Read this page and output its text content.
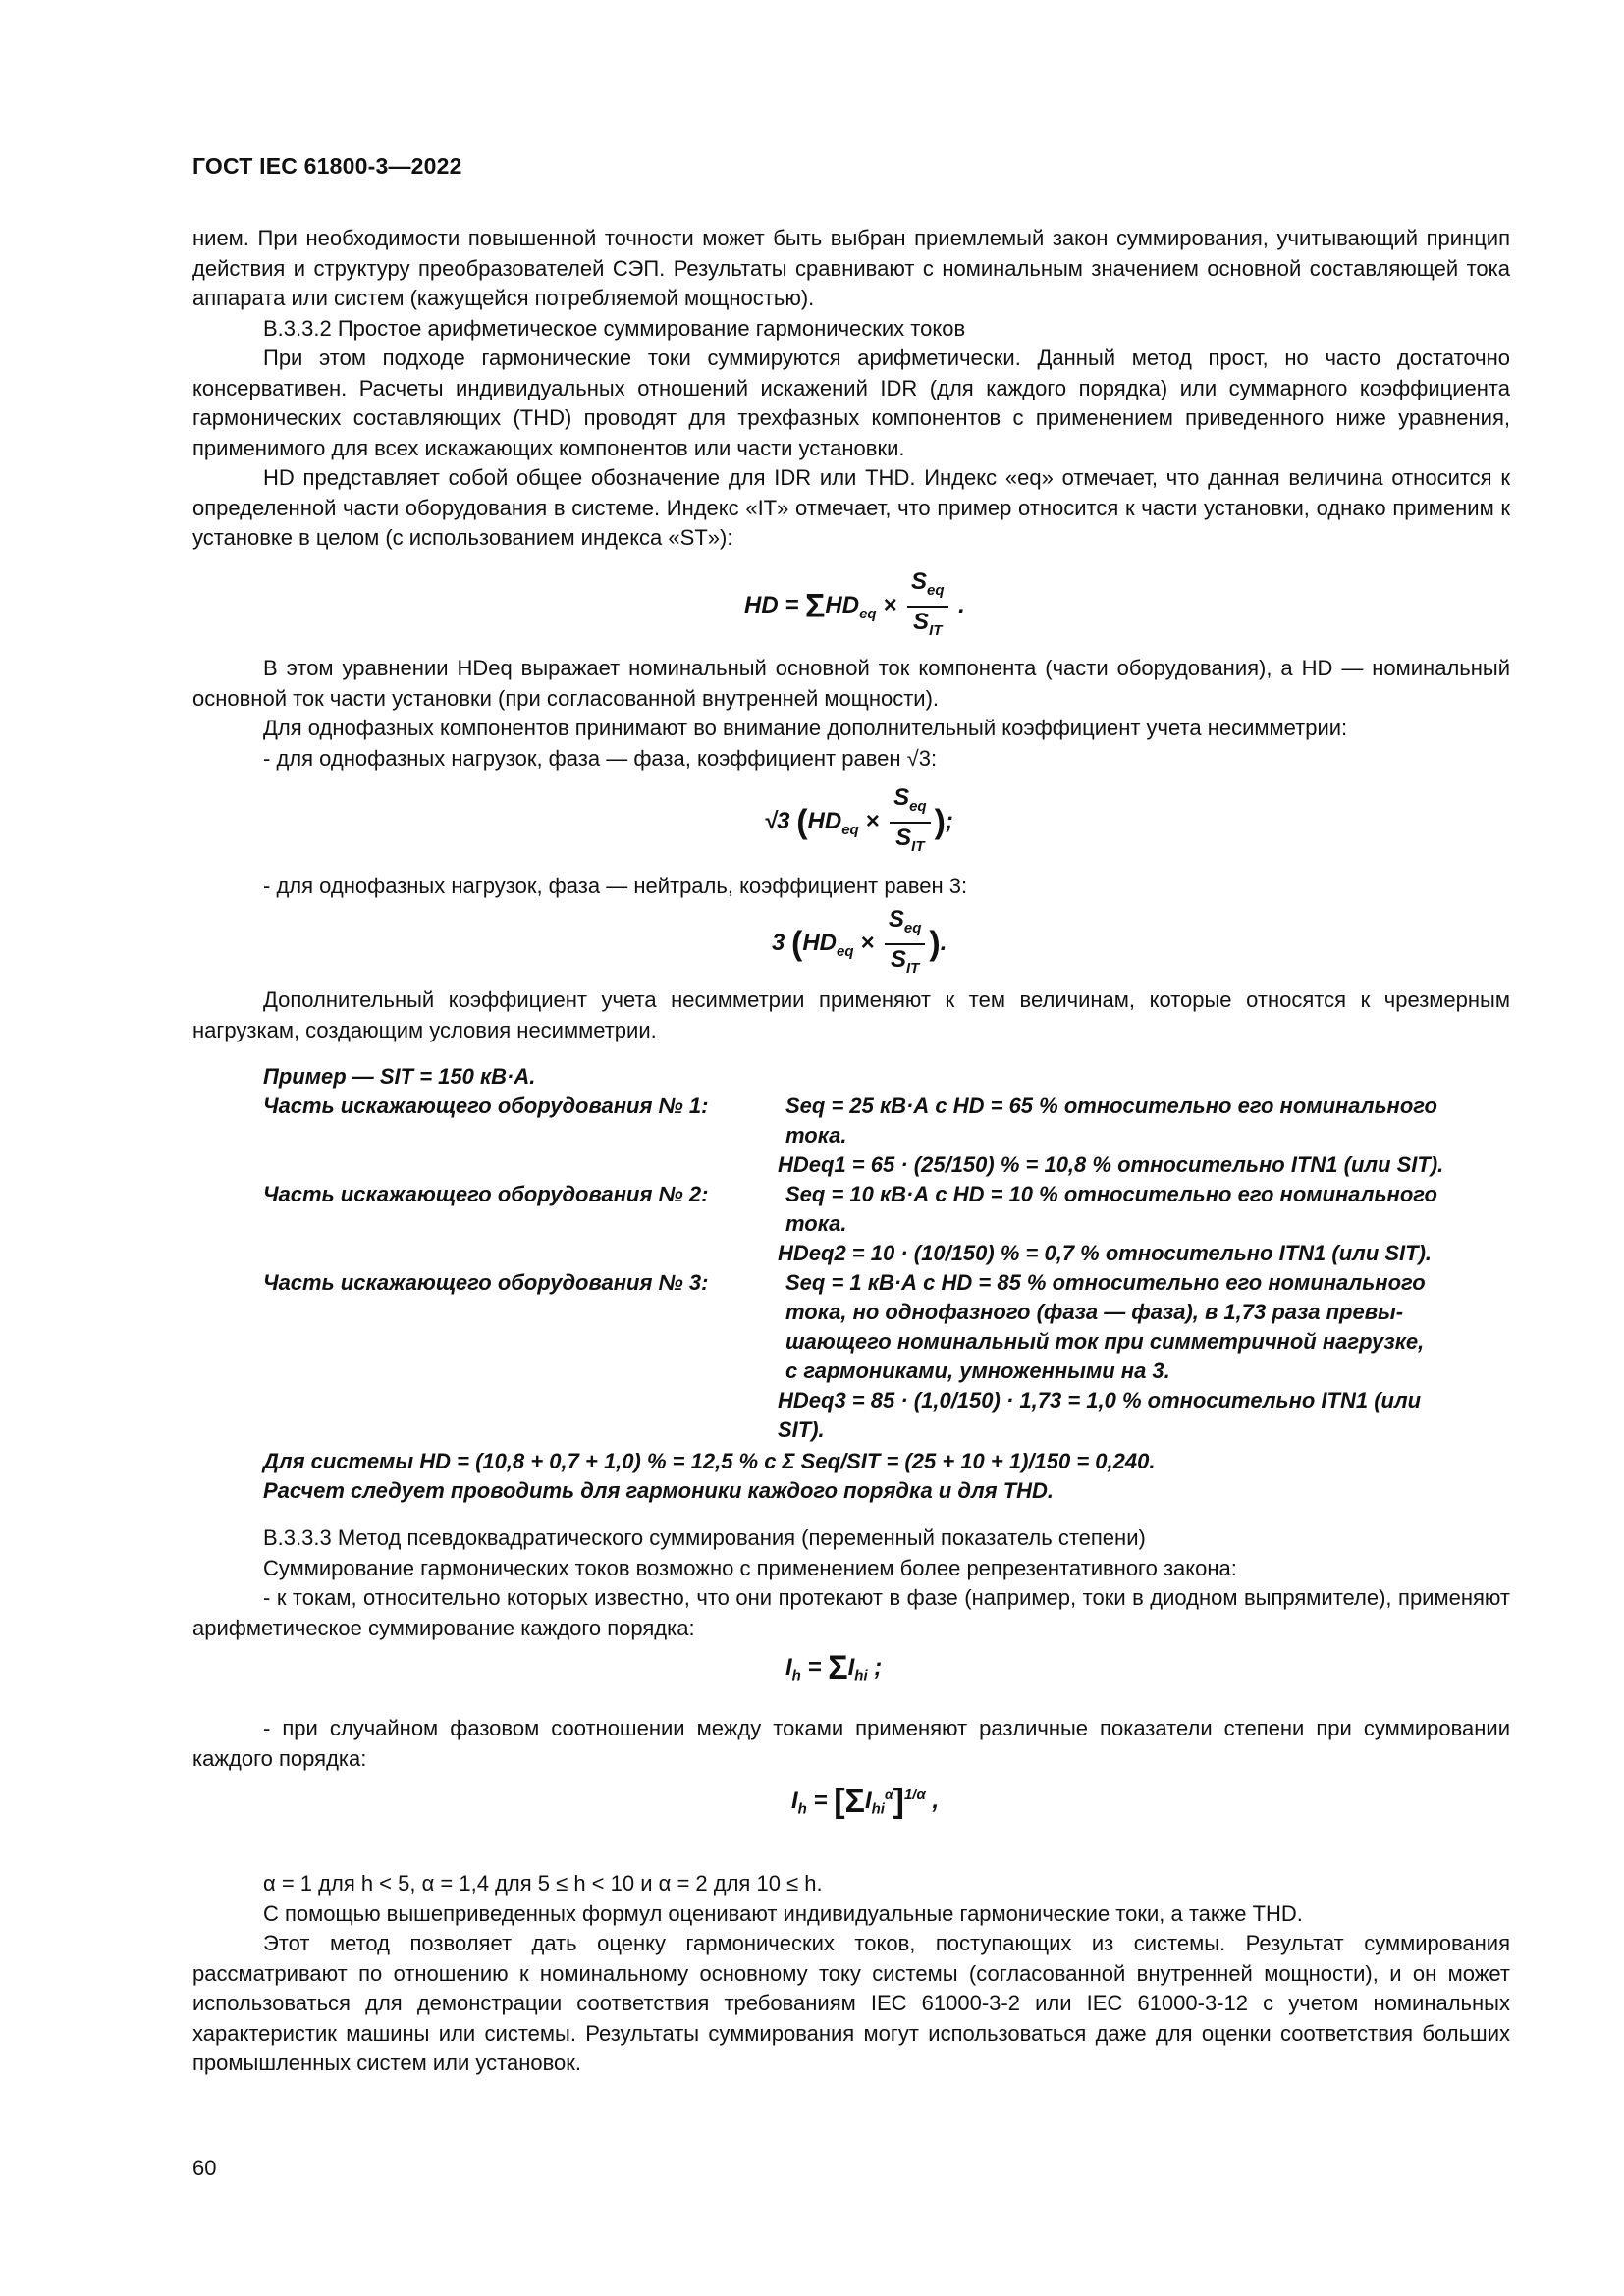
ГОСТ IEC 61800-3—2022

нием. При необходимости повышенной точности может быть выбран приемлемый закон суммирования, учитывающий принцип действия и структуру преобразователей СЭП. Результаты сравнивают с номинальным значением основной составляющей тока аппарата или систем (кажущейся потребляемой мощностью).

В.3.3.2 Простое арифметическое суммирование гармонических токов

При этом подходе гармонические токи суммируются арифметически. Данный метод прост, но часто достаточно консервативен. Расчеты индивидуальных отношений искажений IDR (для каждого порядка) или суммарного коэффициента гармонических составляющих (THD) проводят для трехфазных компонентов с применением приведенного ниже уравнения, применимого для всех искажающих компонентов или части установки.

HD представляет собой общее обозначение для IDR или THD. Индекс «eq» отмечает, что данная величина относится к определенной части оборудования в системе. Индекс «IT» отмечает, что пример относится к части установки, однако применим к установке в целом (с использованием индекса «ST»):

HD = $\Sigma HD_{eq} \times \frac{S_{eq}}{S_{IT}}$ .

В этом уравнении HDeq выражает номинальный основной ток компонента (части оборудования), а HD — номинальный основной ток части установки (при согласованной внутренней мощности).

Для однофазных компонентов принимают во внимание дополнительный коэффициент учета несимметрии:

- для однофазных нагрузок, фаза — фаза, коэффициент равен √3:

√3 ($HD_{eq} \times \frac{S_{eq}}{S_{IT}}$ );

- для однофазных нагрузок, фаза — нейтраль, коэффициент равен 3:

3 ($HD_{eq} \times \frac{S_{eq}}{S_{IT}}$ ).

Дополнительный коэффициент учета несимметрии применяют к тем величинам, которые относятся к чрезмерным нагрузкам, создающим условия несимметрии.

Пример — SIT = 150 кВ·А.
Часть искажающего оборудования № 1:	Seq = 25 кВ·А с HD = 65 % относительно его номинального
тока.
HDeq1 = 65 · (25/150) % = 10,8 % относительно ITN1 (или SIT).
Часть искажающего оборудования № 2:	Seq = 10 кВ·А с HD = 10 % относительно его номинального
тока.
HDeq2 = 10 · (10/150) % = 0,7 % относительно ITN1 (или SIT).
Часть искажающего оборудования № 3:	Seq = 1 кВ·А с HD = 85 % относительно его номинального
тока, но однофазного (фаза — фаза), в 1,73 раза превы-
шающего номинальный ток при симметричной нагрузке,
с гармониками, умноженными на 3.
HDeq3 = 85 · (1,0/150) · 1,73 = 1,0 % относительно ITN1 (или
SIT).
Для системы HD = (10,8 + 0,7 + 1,0) % = 12,5 % с Σ Seq/SIT = (25 + 10 + 1)/150 = 0,240.
Расчет следует проводить для гармоники каждого порядка и для THD.

В.3.3.3 Метод псевдоквадратического суммирования (переменный показатель степени)

Суммирование гармонических токов возможно с применением более репрезентативного закона:

- к токам, относительно которых известно, что они протекают в фазе (например, токи в диодном выпрямителе), применяют арифметическое суммирование каждого порядка:

$I_h = \Sigma I_{hi}$ ;

- при случайном фазовом соотношении между токами применяют различные показатели степени при суммировании каждого порядка:

$I_h = [\Sigma I_{hi}^\alpha]^{1/\alpha}$ ,

α = 1 для h < 5, α = 1,4 для 5 ≤ h < 10 и α = 2 для 10 ≤ h.

С помощью вышеприведенных формул оценивают индивидуальные гармонические токи, а также THD.

Этот метод позволяет дать оценку гармонических токов, поступающих из системы. Результат суммирования рассматривают по отношению к номинальному основному току системы (согласованной внутренней мощности), и он может использоваться для демонстрации соответствия требованиям IEC 61000-3-2 или IEC 61000-3-12 с учетом номинальных характеристик машины или системы. Результаты суммирования могут использоваться даже для оценки соответствия больших промышленных систем или установок.

60
